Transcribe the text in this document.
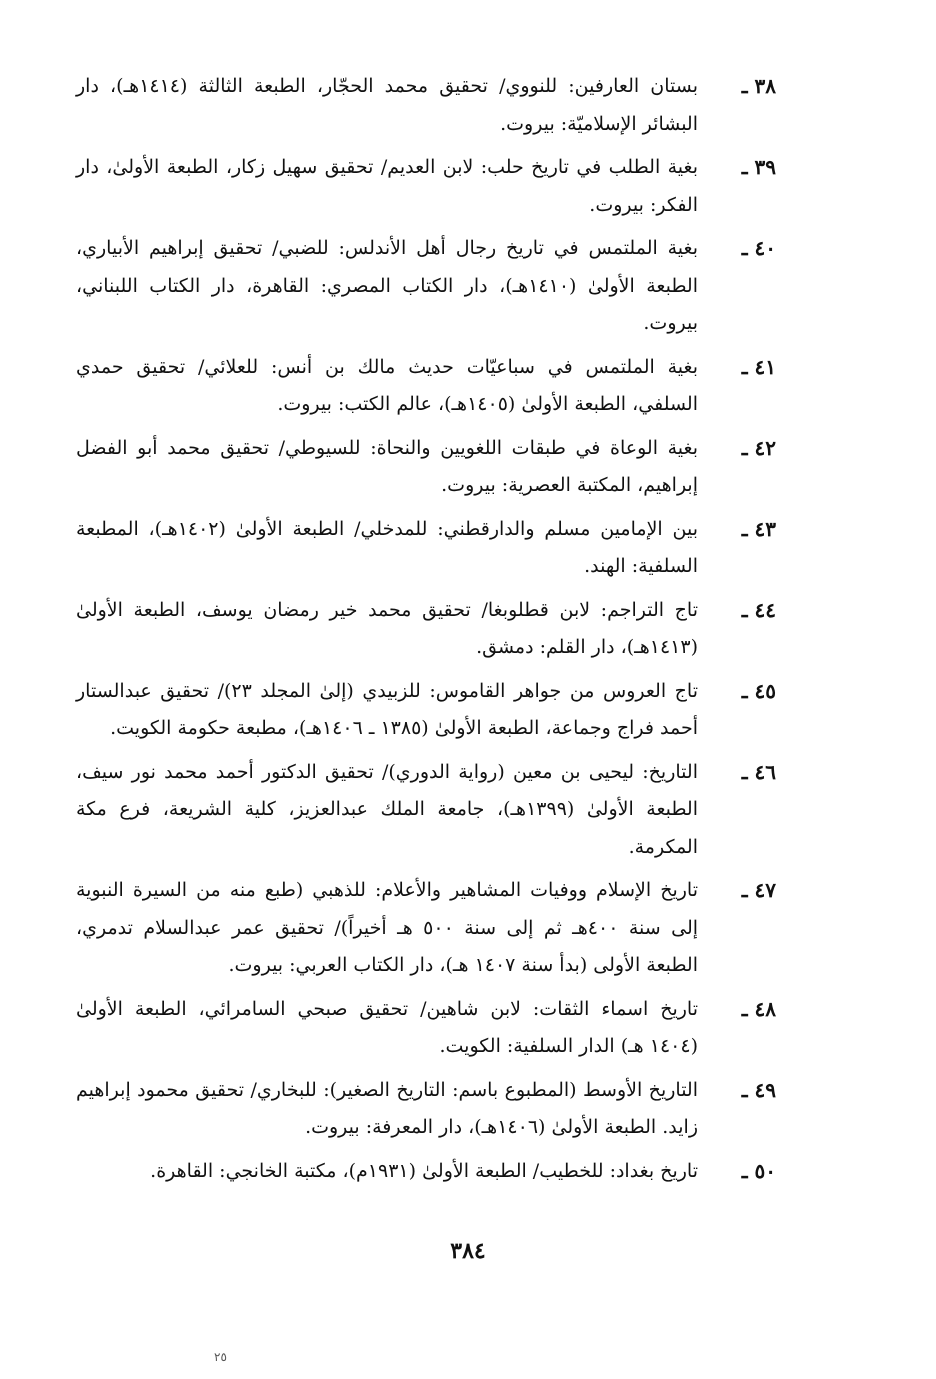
٣٨ ـ
بستان العارفين: للنووي/ تحقيق محمد الحجّار، الطبعة الثالثة (١٤١٤هـ)، دار البشائر الإسلاميّة: بيروت.
٣٩ ـ
بغية الطلب في تاريخ حلب: لابن العديم/ تحقيق سهيل زكار، الطبعة الأولىٰ، دار الفكر: بيروت.
٤٠ ـ
بغية الملتمس في تاريخ رجال أهل الأندلس: للضبي/ تحقيق إبراهيم الأبياري، الطبعة الأولىٰ (١٤١٠هـ)، دار الكتاب المصري: القاهرة، دار الكتاب اللبناني، بيروت.
٤١ ـ
بغية الملتمس في سباعيّات حديث مالك بن أنس: للعلائي/ تحقيق حمدي السلفي، الطبعة الأولىٰ (١٤٠٥هـ)، عالم الكتب: بيروت.
٤٢ ـ
بغية الوعاة في طبقات اللغويين والنحاة: للسيوطي/ تحقيق محمد أبو الفضل إبراهيم، المكتبة العصرية: بيروت.
٤٣ ـ
بين الإمامين مسلم والدارقطني: للمدخلي/ الطبعة الأولىٰ (١٤٠٢هـ)، المطبعة السلفية: الهند.
٤٤ ـ
تاج التراجم: لابن قطلوبغا/ تحقيق محمد خير رمضان يوسف، الطبعة الأولىٰ (١٤١٣هـ)، دار القلم: دمشق.
٤٥ ـ
تاج العروس من جواهر القاموس: للزبيدي (إلىٰ المجلد ٢٣)/ تحقيق عبدالستار أحمد فراج وجماعة، الطبعة الأولىٰ (١٣٨٥ ـ ١٤٠٦هـ)، مطبعة حكومة الكويت.
٤٦ ـ
التاريخ: ليحيى بن معين (رواية الدوري)/ تحقيق الدكتور أحمد محمد نور سيف، الطبعة الأولىٰ (١٣٩٩هـ)، جامعة الملك عبدالعزيز، كلية الشريعة، فرع مكة المكرمة.
٤٧ ـ
تاريخ الإسلام ووفيات المشاهير والأعلام: للذهبي (طبع منه من السيرة النبوية إلى سنة ٤٠٠هـ ثم إلى سنة ٥٠٠ هـ أخيراً)/ تحقيق عمر عبدالسلام تدمري، الطبعة الأولى (بدأ سنة ١٤٠٧ هـ)، دار الكتاب العربي: بيروت.
٤٨ ـ
تاريخ اسماء الثقات: لابن شاهين/ تحقيق صبحي السامرائي، الطبعة الأولىٰ (١٤٠٤ هـ) الدار السلفية: الكويت.
٤٩ ـ
التاريخ الأوسط (المطبوع باسم: التاريخ الصغير): للبخاري/ تحقيق محمود إبراهيم زايد. الطبعة الأولىٰ (١٤٠٦هـ)، دار المعرفة: بيروت.
٥٠ ـ
تاريخ بغداد: للخطيب/ الطبعة الأولىٰ (١٩٣١م)، مكتبة الخانجي: القاهرة.
٣٨٤
٢٥
